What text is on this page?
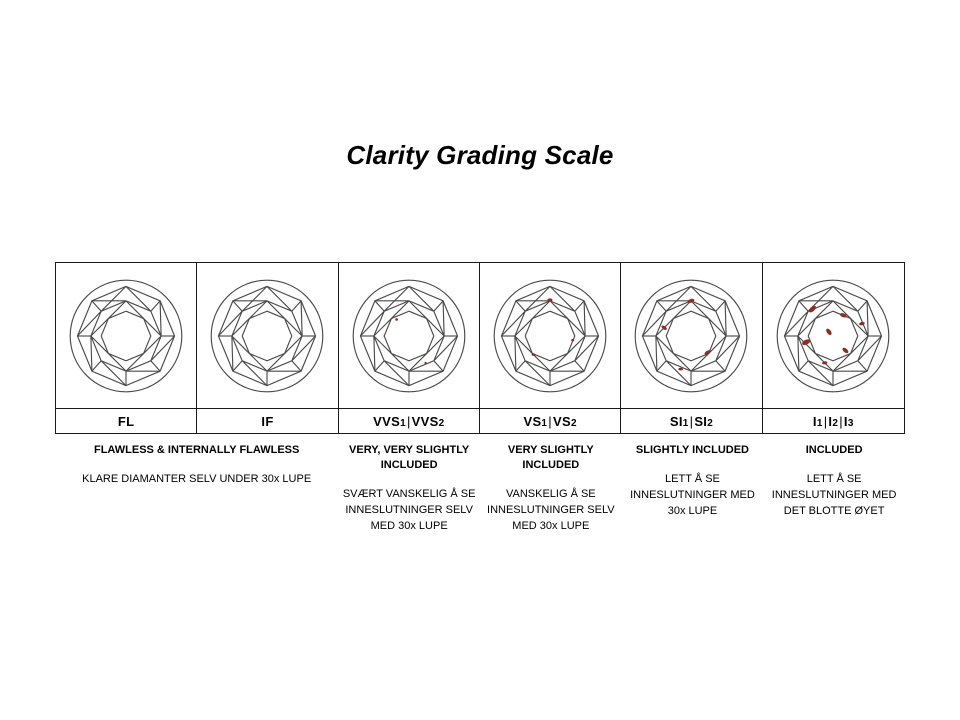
Clarity Grading Scale
FL	IF	VVS 1 | VVS 2	VS 1 | VS 2	SI 1 | SI 2	I 1 | I 2 | I 3
FLAWLESS & INTERNALLY FLAWLESS
KLARE DIAMANTER SELV UNDER 30x LUPE
VERY, VERY SLIGHTLY INCLUDED
SVÆRT VANSKELIG Å SE INNESLUTNINGER SELV MED 30x LUPE
VERY SLIGHTLY INCLUDED
VANSKELIG Å SE INNESLUTNINGER SELV MED 30x LUPE
SLIGHTLY INCLUDED
LETT Å SE INNESLUTNINGER MED 30x LUPE
INCLUDED
LETT Å SE INNESLUTNINGER MED DET BLOTTE ØYET
